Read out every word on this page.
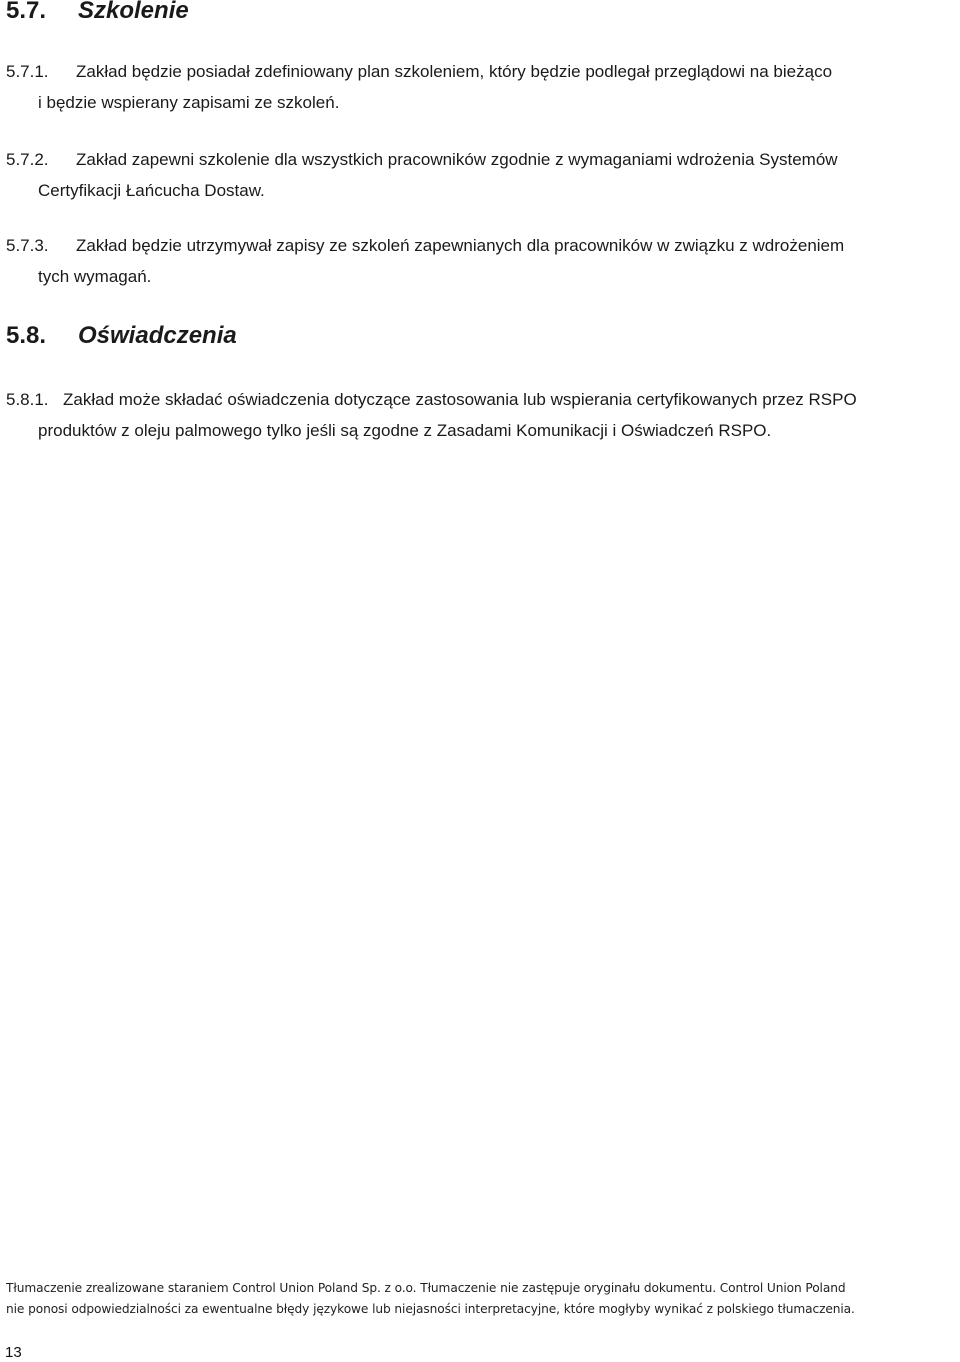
5.7. Szkolenie
5.7.1. Zakład będzie posiadał zdefiniowany plan szkoleniem, który będzie podlegał przeglądowi na bieżąco
i będzie wspierany zapisami ze szkoleń.
5.7.2. Zakład zapewni szkolenie dla wszystkich pracowników zgodnie z wymaganiami wdrożenia Systemów
Certyfikacji Łańcucha Dostaw.
5.7.3. Zakład będzie utrzymywał zapisy ze szkoleń zapewnianych dla pracowników w związku z wdrożeniem
tych wymagań.
5.8. Oświadczenia
5.8.1. Zakład może składać oświadczenia dotyczące zastosowania lub wspierania certyfikowanych przez RSPO
produktów z oleju palmowego tylko jeśli są zgodne z Zasadami Komunikacji i Oświadczeń RSPO.
Tłumaczenie zrealizowane staraniem Control Union Poland Sp. z o.o. Tłumaczenie nie zastępuje oryginału dokumentu. Control Union Poland
nie ponosi odpowiedzialności za ewentualne błędy językowe lub niejasności interpretacyjne, które mogłyby wynikać z polskiego tłumaczenia.
13
